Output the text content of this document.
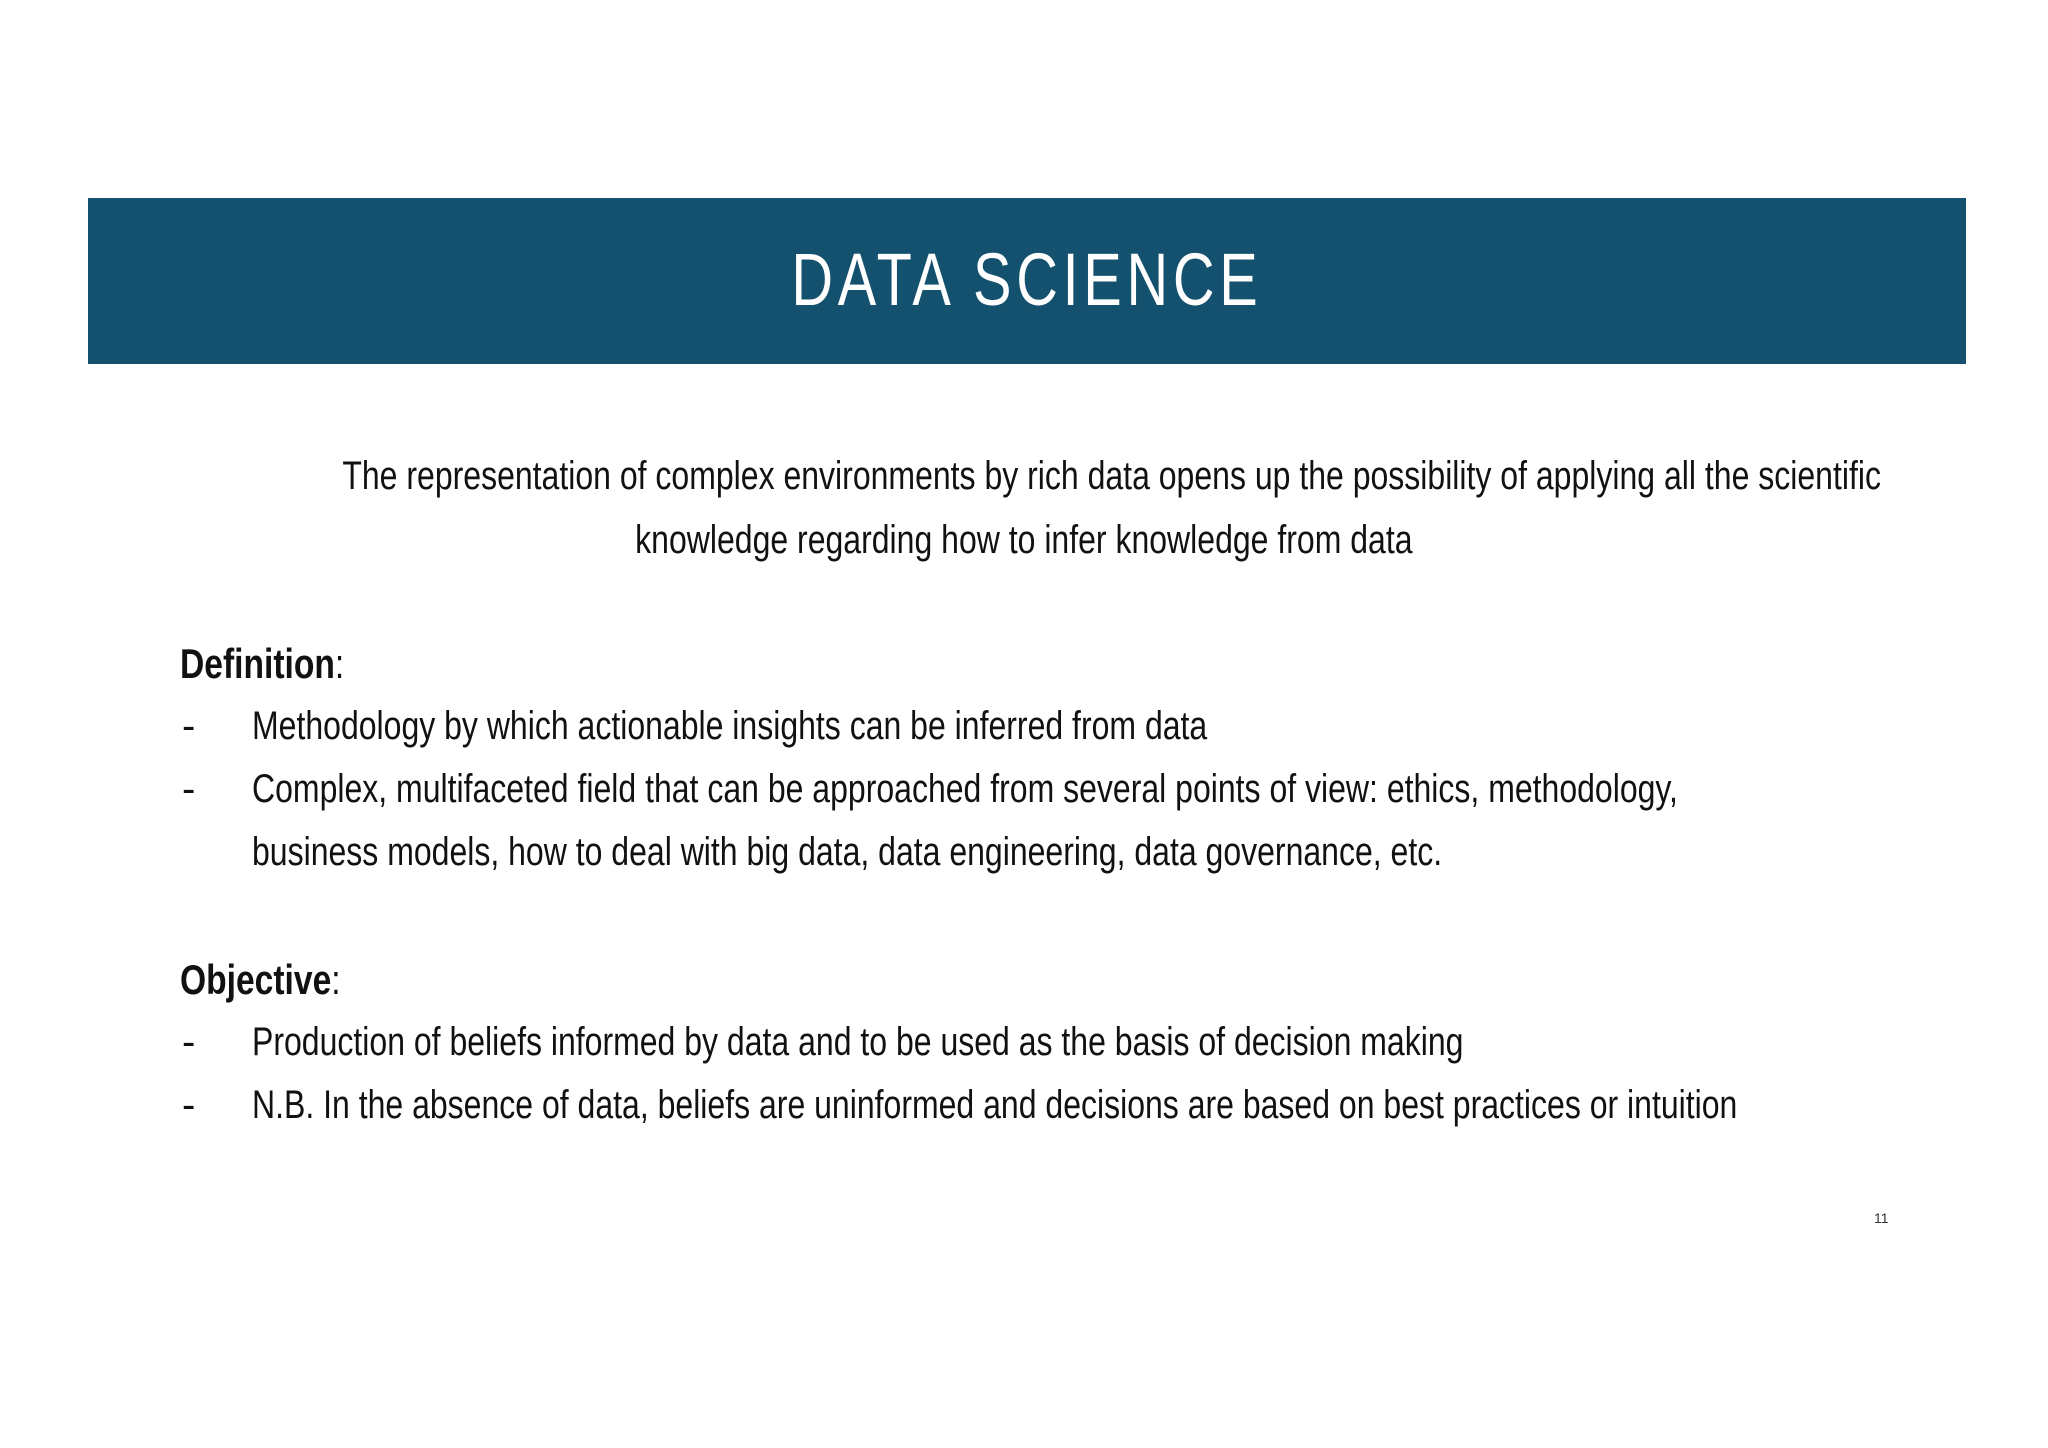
DATA SCIENCE
The representation of complex environments by rich data opens up the possibility of applying all the scientific
knowledge regarding how to infer knowledge from data
Definition:
- Methodology by which actionable insights can be inferred from data
- Complex, multifaceted field that can be approached from several points of view: ethics, methodology,
business models, how to deal with big data, data engineering, data governance, etc.
Objective:
- Production of beliefs informed by data and to be used as the basis of decision making
- N.B. In the absence of data, beliefs are uninformed and decisions are based on best practices or intuition
11
